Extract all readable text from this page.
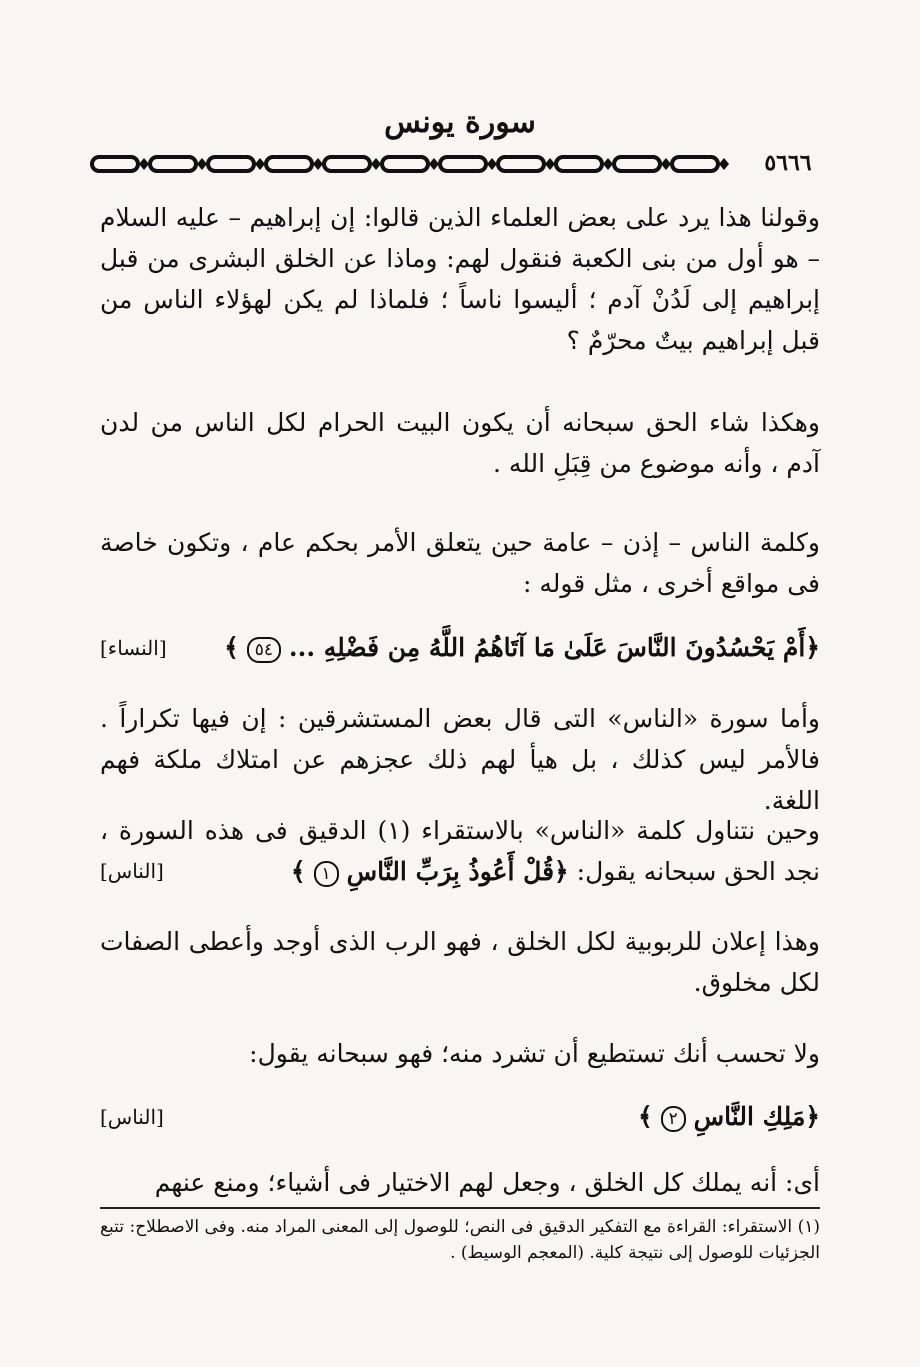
سورة يونس
٥٦٦٦
وقولنا هذا يرد على بعض العلماء الذين قالوا: إن إبراهيم – عليه السلام – هو أول من بنى الكعبة فنقول لهم: وماذا عن الخلق البشرى من قبل إبراهيم إلى لَدُنْ آدم ؛ أليسوا ناساً ؛ فلماذا لم يكن لهؤلاء الناس من قبل إبراهيم بيتٌ محرّمٌ ؟
وهكذا شاء الحق سبحانه أن يكون البيت الحرام لكل الناس من لدن آدم ، وأنه موضوع من قِبَلِ الله .
وكلمة الناس – إذن – عامة حين يتعلق الأمر بحكم عام ، وتكون خاصة فى مواقع أخرى ، مثل قوله :
﴿أَمْ يَحْسُدُونَ النَّاسَ عَلَىٰ مَا آتَاهُمُ اللَّهُ مِن فَضْلِهِ ... ٥٤ ﴾
[النساء]
وأما سورة «الناس» التى قال بعض المستشرقين : إن فيها تكراراً . فالأمر ليس كذلك ، بل هيأ لهم ذلك عجزهم عن امتلاك ملكة فهم اللغة.
وحين نتناول كلمة «الناس» بالاستقراء (١) الدقيق فى هذه السورة ، نجد الحق سبحانه يقول: ﴿قُلْ أَعُوذُ بِرَبِّ النَّاسِ ١ ﴾
[الناس]
وهذا إعلان للربوبية لكل الخلق ، فهو الرب الذى أوجد وأعطى الصفات لكل مخلوق.
ولا تحسب أنك تستطيع أن تشرد منه؛ فهو سبحانه يقول:
﴿مَلِكِ النَّاسِ ٢ ﴾
[الناس]
أى: أنه يملك كل الخلق ، وجعل لهم الاختيار فى أشياء؛ ومنع عنهم
(١) الاستقراء: القراءة مع التفكير الدقيق فى النص؛ للوصول إلى المعنى المراد منه. وفى الاصطلاح: تتبع الجزئيات للوصول إلى نتيجة كلية. (المعجم الوسيط) .
